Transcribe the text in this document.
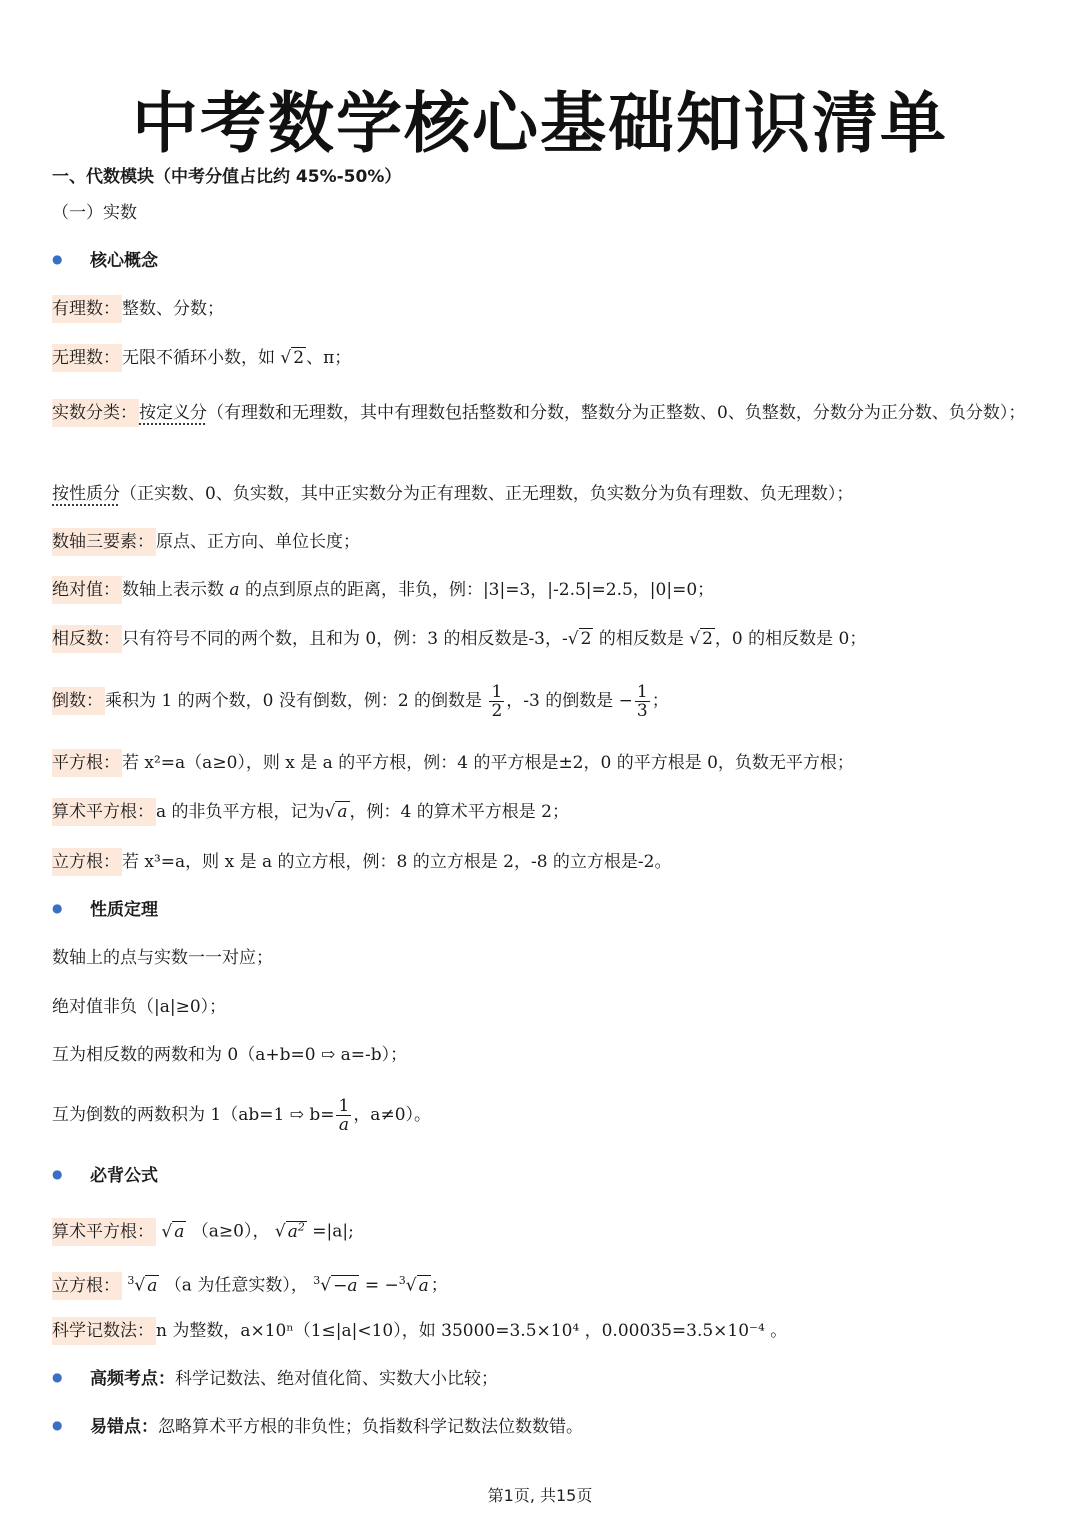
中考数学核心基础知识清单
一、代数模块（中考分值占比约 45%-50%）
（一）实数
● 核心概念
有理数： 整数、分数；
无理数： 无限不循环小数，如 √ 2 、π；
实数分类： 按定义分（有理数和无理数，其中有理数包括整数和分数，整数分为正整数、0、负整数，分数分为正分数、负分数）；
按性质分（正实数、0、负实数，其中正实数分为正有理数、正无理数，负实数分为负有理数、负无理数）；
数轴三要素： 原点、正方向、单位长度；
绝对值： 数轴上表示数 a 的点到原点的距离，非负，例：|3|=3，|-2.5|=2.5，|0|=0；
相反数： 只有符号不同的两个数，且和为 0，例：3 的相反数是-3，-√ 2 的相反数是 √ 2 ，0 的相反数是 0；
倒数： 乘积为 1 的两个数，0 没有倒数，例：2 的倒数是 $\frac{1}{2}$ ，-3 的倒数是 − $\frac{1}{3}$ ；
平方根： 若 x²=a（a≥0），则 x 是 a 的平方根，例：4 的平方根是±2，0 的平方根是 0，负数无平方根；
算术平方根： a 的非负平方根，记为√ a ，例：4 的算术平方根是 2；
立方根： 若 x³=a，则 x 是 a 的立方根，例：8 的立方根是 2，-8 的立方根是-2。
● 性质定理
数轴上的点与实数一一对应；
绝对值非负（|a|≥0）；
互为相反数的两数和为 0（a+b=0 ⇨ a=-b）；
互为倒数的两数积为 1（ab=1 ⇨ $b= \frac{1}{a}$ ，a≠0）。
● 必背公式
算术平方根： √ a （a≥0）， √ $a^2 =|a|$;
立方根： $^3$√ a （a 为任意实数）， $^3$√ −a = −$^3$√ a ；
科学记数法： n 为整数，a×10ⁿ（1≤|a|<10），如 35000=3.5×10⁴ ，0.00035=3.5×10⁻⁴ 。
● 高频考点：科学记数法、绝对值化简、实数大小比较；
● 易错点：忽略算术平方根的非负性；负指数科学记数法位数数错。
第1页, 共15页
